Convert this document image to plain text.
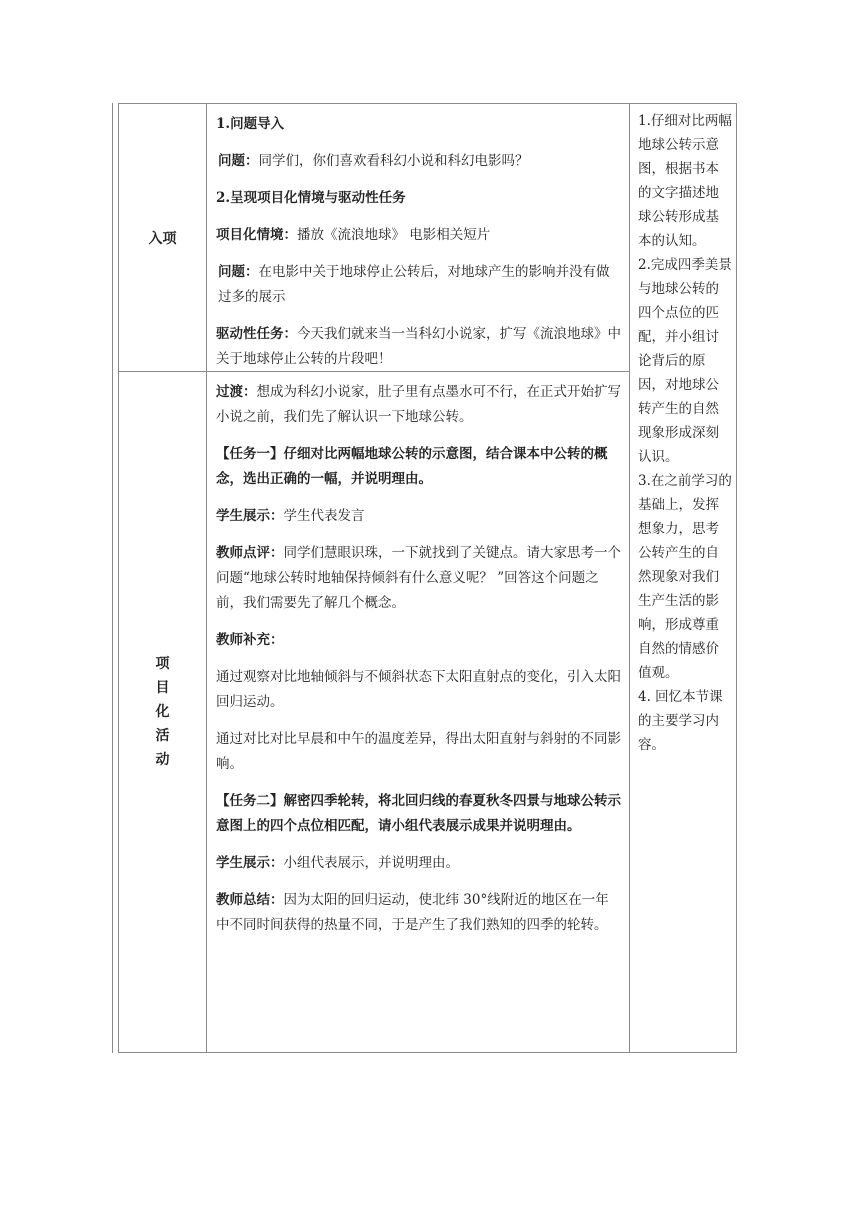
入项
1.问题导入
问题：同学们，你们喜欢看科幻小说和科幻电影吗？
2.呈现项目化情境与驱动性任务
项目化情境：播放《流浪地球》 电影相关短片
问题：在电影中关于地球停止公转后，对地球产生的影响并没有做过多的展示
驱动性任务：今天我们就来当一当科幻小说家，扩写《流浪地球》中关于地球停止公转的片段吧！
项
目
化
活
动
过渡：想成为科幻小说家，肚子里有点墨水可不行，在正式开始扩写小说之前，我们先了解认识一下地球公转。
【任务一】仔细对比两幅地球公转的示意图，结合课本中公转的概念，选出正确的一幅，并说明理由。
学生展示：学生代表发言
教师点评：同学们慧眼识珠，一下就找到了关键点。请大家思考一个问题“地球公转时地轴保持倾斜有什么意义呢？ ”回答这个问题之前，我们需要先了解几个概念。
教师补充：
通过观察对比地轴倾斜与不倾斜状态下太阳直射点的变化，引入太阳回归运动。
通过对比对比早晨和中午的温度差异，得出太阳直射与斜射的不同影响。
【任务二】解密四季轮转，将北回归线的春夏秋冬四景与地球公转示意图上的四个点位相匹配，请小组代表展示成果并说明理由。
学生展示：小组代表展示，并说明理由。
教师总结：因为太阳的回归运动，使北纬 30°线附近的地区在一年中不同时间获得的热量不同，于是产生了我们熟知的四季的轮转。
1.仔细对比两幅地球公转示意图，根据书本的文字描述地球公转形成基本的认知。
2.完成四季美景与地球公转的四个点位的匹配，并小组讨论背后的原因，对地球公转产生的自然现象形成深刻认识。
3.在之前学习的基础上，发挥想象力，思考公转产生的自然现象对我们生产生活的影响，形成尊重自然的情感价值观。
4. 回忆本节课的主要学习内容。
